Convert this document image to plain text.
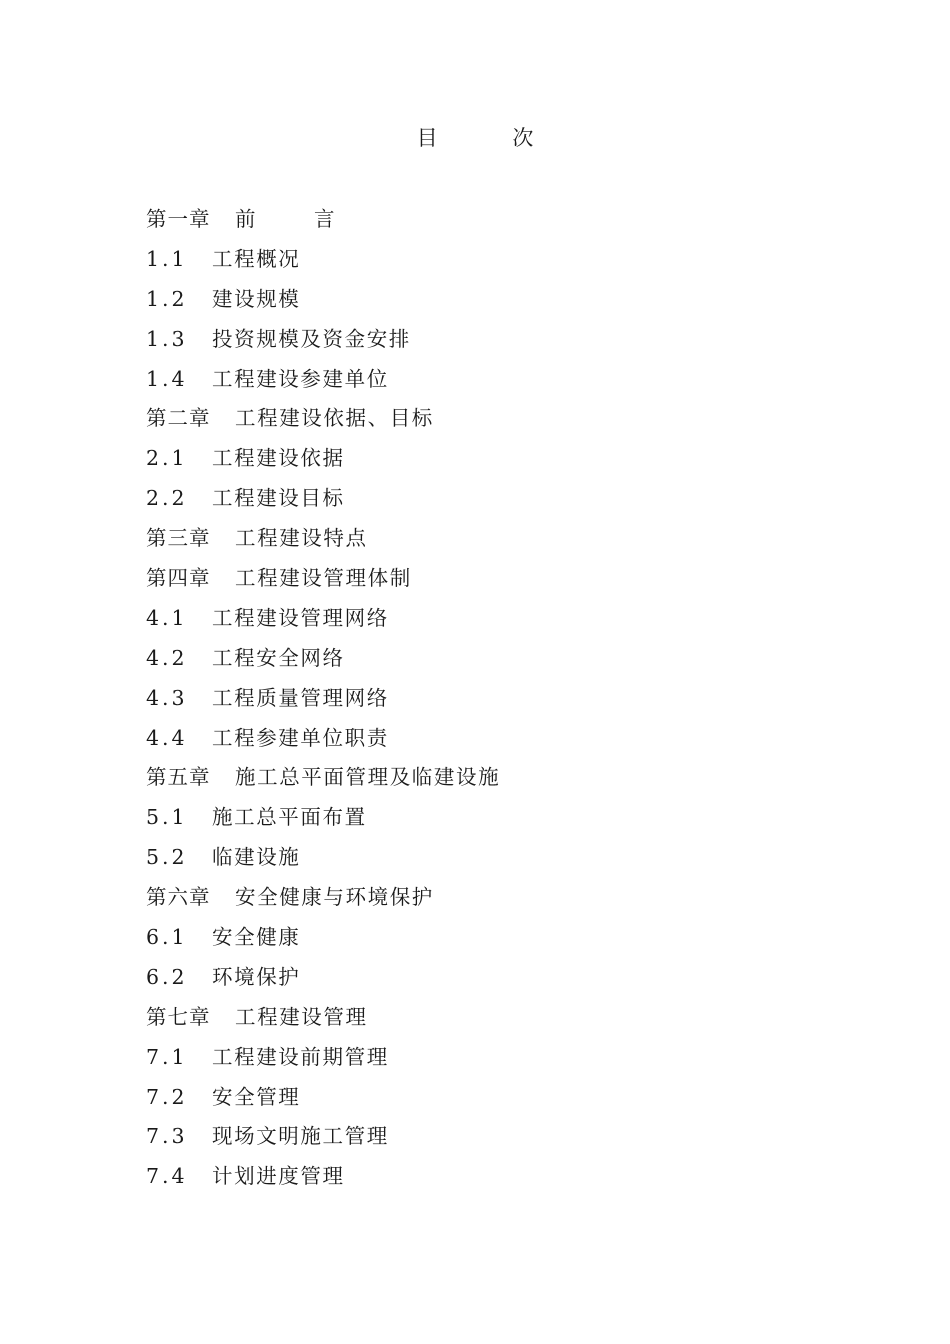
目 次
第一章	前 言
1.1	工程概况
1.2	建设规模
1.3	投资规模及资金安排
1.4	工程建设参建单位
第二章	工程建设依据、目标
2.1	工程建设依据
2.2	工程建设目标
第三章	工程建设特点
第四章	工程建设管理体制
4.1	工程建设管理网络
4.2	工程安全网络
4.3	工程质量管理网络
4.4	工程参建单位职责
第五章	施工总平面管理及临建设施
5.1	施工总平面布置
5.2	临建设施
第六章	安全健康与环境保护
6.1	安全健康
6.2	环境保护
第七章	工程建设管理
7.1	工程建设前期管理
7.2	安全管理
7.3	现场文明施工管理
7.4	计划进度管理
